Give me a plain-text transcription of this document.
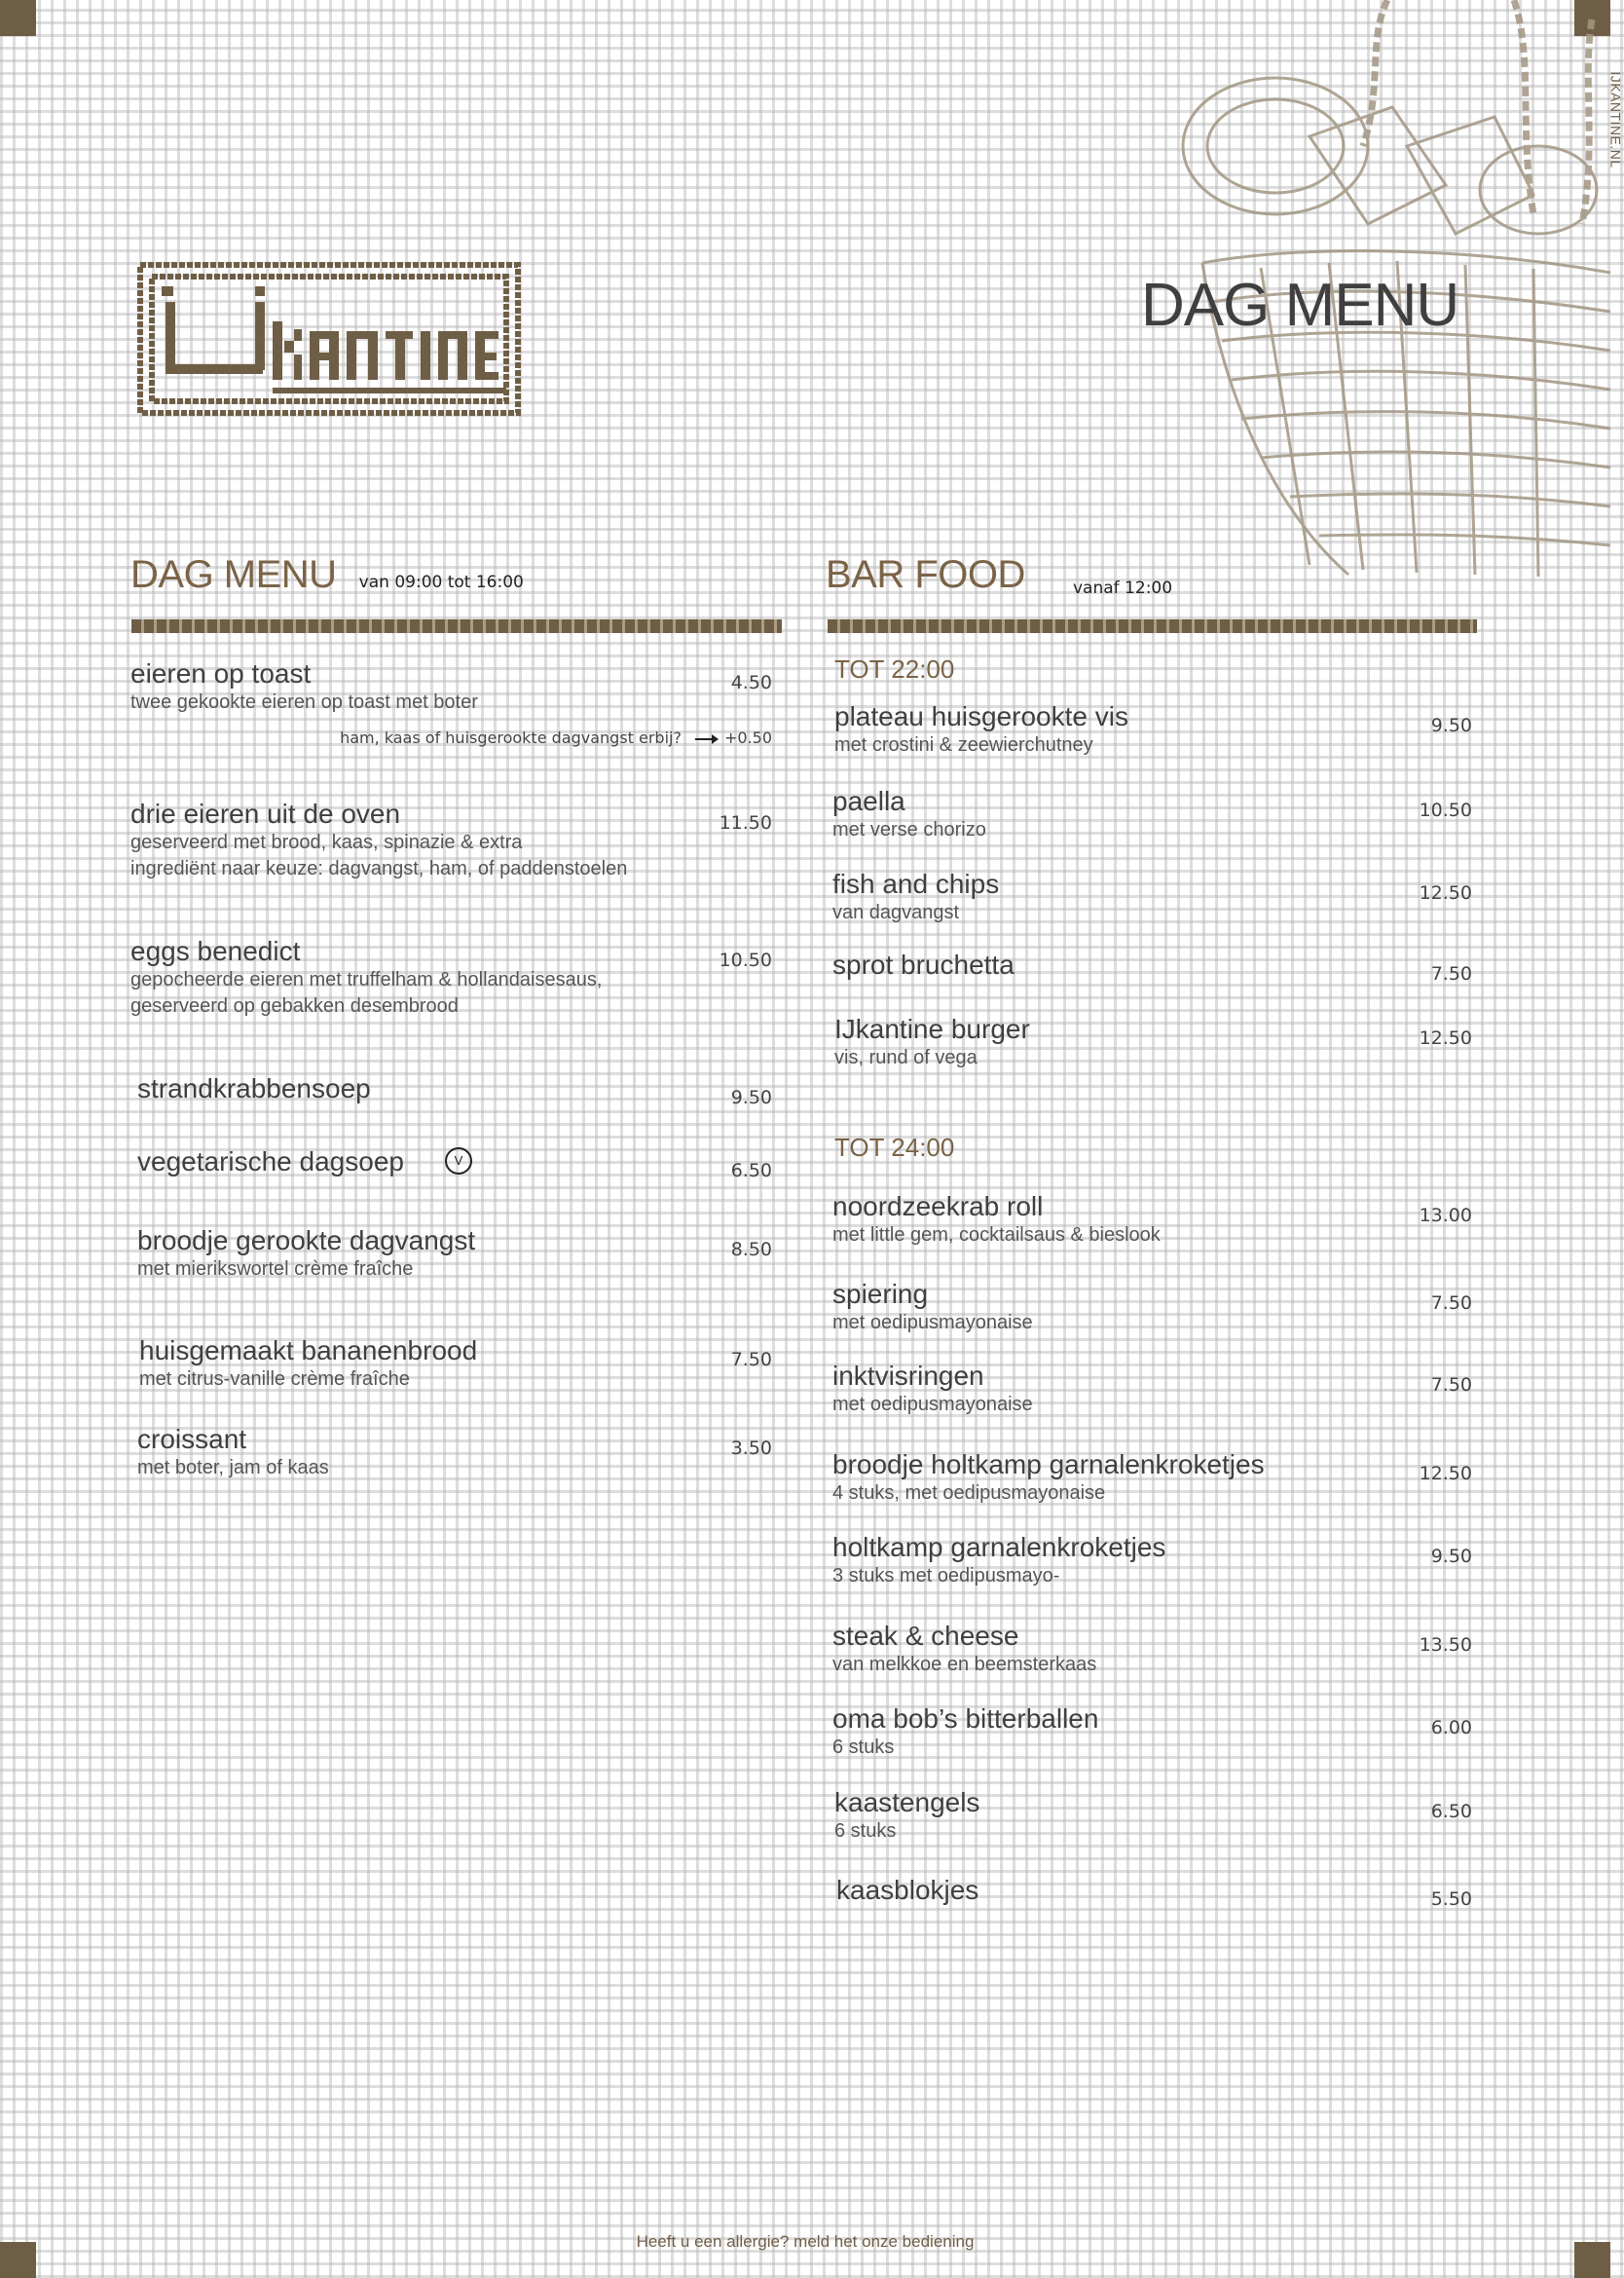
IJKANTINE.NL
DAG MENU
DAG MENU van 09:00 tot 16:00
eieren op toast
twee gekookte eieren op toast met boter
4.50
ham, kaas of huisgerookte dagvangst erbij?	+0.50
drie eieren uit de oven
geserveerd met brood, kaas, spinazie & extra
ingrediënt naar keuze: dagvangst, ham, of paddenstoelen
11.50
eggs benedict
gepocheerde eieren met truffelham & hollandaisesaus,
geserveerd op gebakken desembrood
10.50
strandkrabbensoep	9.50
vegetarische dagsoep	V	6.50
broodje gerookte dagvangst
met mierikswortel crème fraîche
8.50
huisgemaakt bananenbrood
met citrus-vanille crème fraîche
7.50
croissant
met boter, jam of kaas
3.50
BAR FOOD	vanaf 12:00
TOT 22:00
plateau huisgerookte vis
met crostini & zeewierchutney
9.50
paella
met verse chorizo
10.50
fish and chips
van dagvangst
12.50
sprot bruchetta	7.50
IJkantine burger
vis, rund of vega
12.50
TOT 24:00
noordzeekrab roll
met little gem, cocktailsaus & bieslook
13.00
spiering
met oedipusmayonaise
7.50
inktvisringen
met oedipusmayonaise
7.50
broodje holtkamp garnalenkroketjes
4 stuks, met oedipusmayonaise
12.50
holtkamp garnalenkroketjes
3 stuks met oedipusmayo-
9.50
steak & cheese
van melkkoe en beemsterkaas
13.50
oma bob’s bitterballen
6 stuks
6.00
kaastengels
6 stuks
6.50
kaasblokjes	5.50
Heeft u een allergie? meld het onze bediening
